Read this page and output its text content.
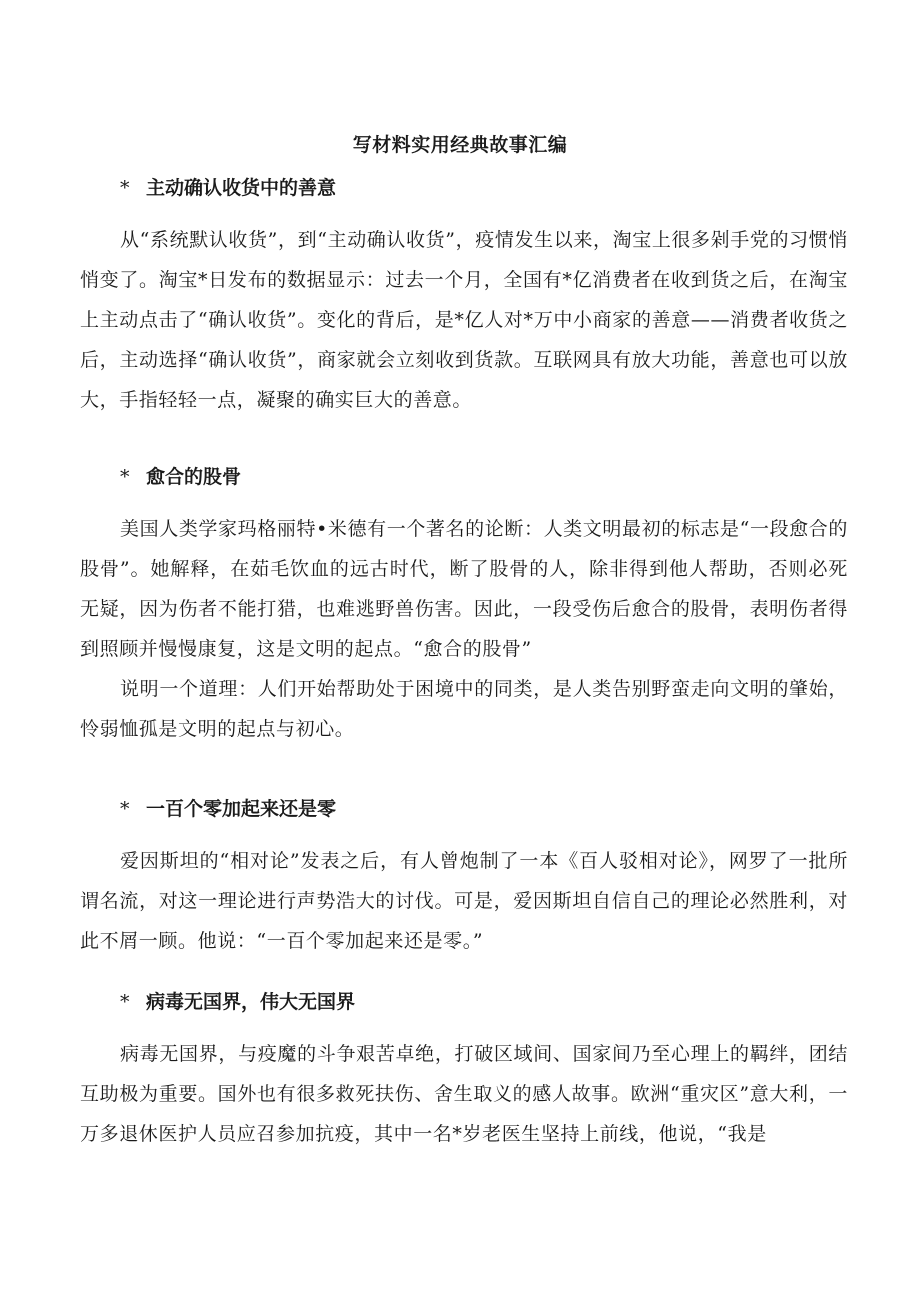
写材料实用经典故事汇编
* 主动确认收货中的善意

从“系统默认收货”，到“主动确认收货”，疫情发生以来，淘宝上很多剁手党的习惯悄悄变了。淘宝*日发布的数据显示：过去一个月，全国有*亿消费者在收到货之后，在淘宝上主动点击了“确认收货”。变化的背后，是*亿人对*万中小商家的善意——消费者收货之后，主动选择“确认收货”，商家就会立刻收到货款。互联网具有放大功能，善意也可以放大，手指轻轻一点，凝聚的确实巨大的善意。

* 愈合的股骨

美国人类学家玛格丽特•米德有一个著名的论断：人类文明最初的标志是“一段愈合的股骨”。她解释，在茹毛饮血的远古时代，断了股骨的人，除非得到他人帮助，否则必死无疑，因为伤者不能打猎，也难逃野兽伤害。因此，一段受伤后愈合的股骨，表明伤者得到照顾并慢慢康复，这是文明的起点。“愈合的股骨”

说明一个道理：人们开始帮助处于困境中的同类，是人类告别野蛮走向文明的肇始，怜弱恤孤是文明的起点与初心。

* 一百个零加起来还是零

爱因斯坦的“相对论”发表之后，有人曾炮制了一本《百人驳相对论》，网罗了一批所谓名流，对这一理论进行声势浩大的讨伐。可是，爱因斯坦自信自己的理论必然胜利，对此不屑一顾。他说：“一百个零加起来还是零。”

* 病毒无国界，伟大无国界

病毒无国界，与疫魔的斗争艰苦卓绝，打破区域间、国家间乃至心理上的羁绊，团结互助极为重要。国外也有很多救死扶伤、舍生取义的感人故事。欧洲“重灾区”意大利，一万多退休医护人员应召参加抗疫，其中一名*岁老医生坚持上前线，他说，“我是
